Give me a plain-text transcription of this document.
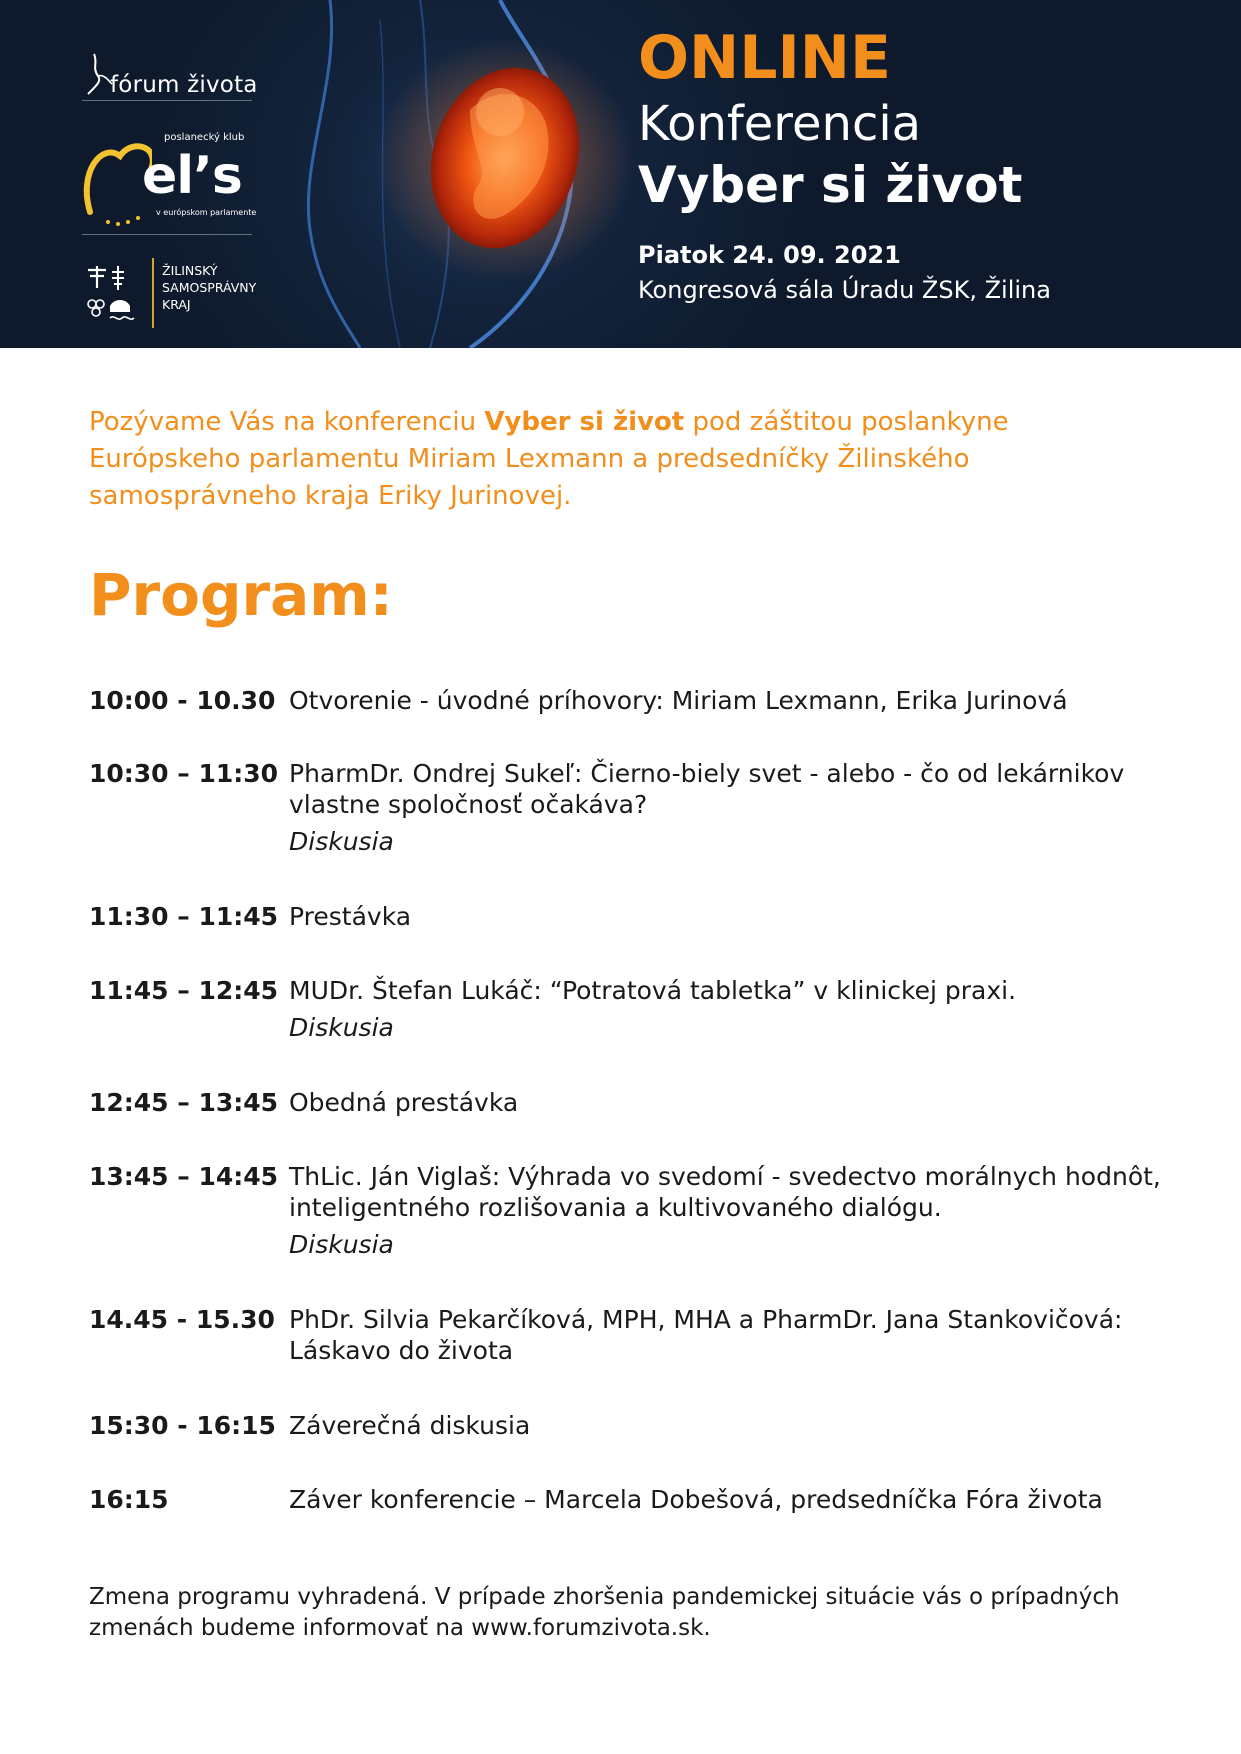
fórum života
poslanecký klub
el’s
v európskom parlamente
ŽILINSKÝ
SAMOSPRÁVNY
KRAJ
ONLINE
Konferencia
Vyber si život
Piatok 24. 09. 2021
Kongresová sála Úradu ŽSK, Žilina
Pozývame Vás na konferenciu Vyber si život pod záštitou poslankyne Európskeho parlamentu Miriam Lexmann a predsedníčky Žilinského samosprávneho kraja Eriky Jurinovej.
Program:
10:00 - 10.30 Otvorenie - úvodné príhovory: Miriam Lexmann, Erika Jurinová
10:30 – 11:30 PharmDr. Ondrej Sukeľ: Čierno-biely svet - alebo - čo od lekárnikov vlastne spoločnosť očakáva?
Diskusia
11:30 – 11:45 Prestávka
11:45 – 12:45 MUDr. Štefan Lukáč: “Potratová tabletka” v klinickej praxi.
Diskusia
12:45 – 13:45 Obedná prestávka
13:45 – 14:45 ThLic. Ján Viglaš: Výhrada vo svedomí - svedectvo morálnych hodnôt, inteligentného rozlišovania a kultivovaného dialógu.
Diskusia
14.45 - 15.30 PhDr. Silvia Pekarčíková, MPH, MHA a PharmDr. Jana Stankovičová: Láskavo do života
15:30 - 16:15 Záverečná diskusia
16:15	Záver konferencie – Marcela Dobešová, predsedníčka Fóra života
Zmena programu vyhradená. V prípade zhoršenia pandemickej situácie vás o prípadných zmenách budeme informovať na www.forumzivota.sk.
